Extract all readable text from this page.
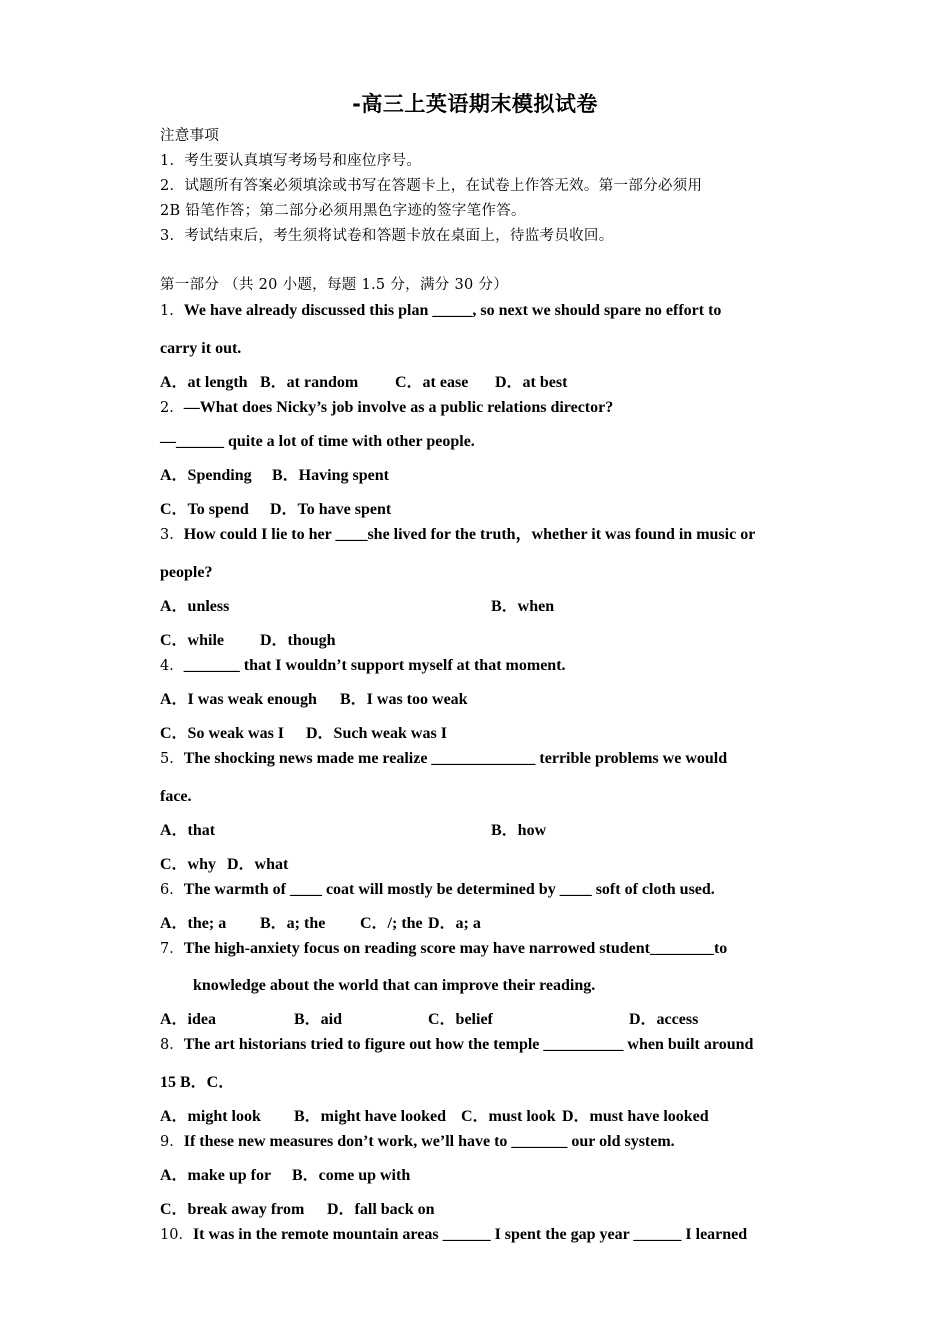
-高三上英语期末模拟试卷
注意事项
1．考生要认真填写考场号和座位序号。
2．试题所有答案必须填涂或书写在答题卡上，在试卷上作答无效。第一部分必须用
2B 铅笔作答；第二部分必须用黑色字迹的签字笔作答。
3．考试结束后，考生须将试卷和答题卡放在桌面上，待监考员收回。
第一部分 （共 20 小题，每题 1.5 分，满分 30 分）
1．We have already discussed this plan _____, so next we should spare no effort to
carry it out.
A．at length B．at random C．at ease D．at best
2．—What does Nicky’s job involve as a public relations director?
—______ quite a lot of time with other people.
A．Spending B．Having spent
C．To spend D．To have spent
3．How could I lie to her ____she lived for the truth，whether it was found in music or
people?
A．unless	B．when
C．while D．though
4．_______ that I wouldn’t support myself at that moment.
A．I was weak enough B．I was too weak
C．So weak was I D．Such weak was I
5．The shocking news made me realize _____________ terrible problems we would
face.
A．that	B．how
C．why D．what
6．The warmth of ____ coat will mostly be determined by ____ soft of cloth used.
A．the; a B．a; the C．/; the D．a; a
7．The high-anxiety focus on reading score may have narrowed student________to
knowledge about the world that can improve their reading.
A．idea	B．aid	C．belief	D．access
8．The art historians tried to figure out how the temple __________ when built around
15 B．C．
A．might look B．might have looked C．must look D．must have looked
9．If these new measures don’t work, we’ll have to _______ our old system.
A．make up for B．come up with
C．break away from D．fall back on
10．It was in the remote mountain areas ______ I spent the gap year ______ I learned
